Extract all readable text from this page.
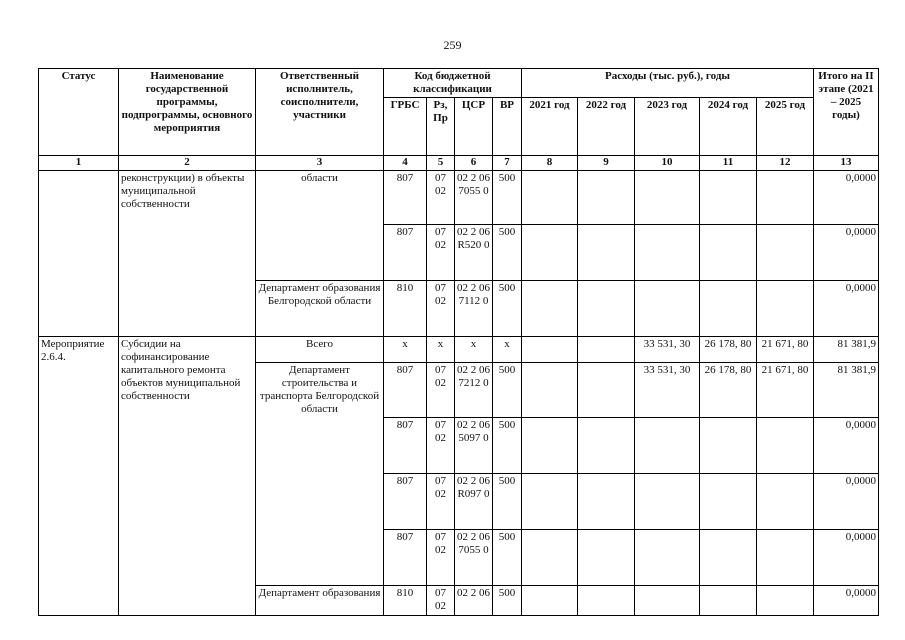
259
Статус	Наименование государственной программы, подпрограммы, основного мероприятия	Ответственный исполнитель, соисполнители, участники	Код бюджетной классификации				Расходы (тыс. руб.), годы					Итого на II этапе (2021 – 2025 годы)
			ГРБС	Рз, Пр	ЦСР	ВР	2021 год	2022 год	2023 год	2024 год	2025 год	
1	2	3	4	5	6	7	8	9	10	11	12	13
	реконструкции) в объекты муниципальной собственности	области	807	07 02	02 2 06 7055 0	500						0,0000
			807	07 02	02 2 06 R520 0	500						0,0000
		Департамент образования Белгородской области	810	07 02	02 2 06 7112 0	500						0,0000
Мероприятие 2.6.4.	Субсидии на софинансирование капитального ремонта объектов муниципальной собственности	Всего	х	х	х	х			33 531, 30	26 178, 80	21 671, 80	81 381,9
		Департамент строительства и транспорта Белгородской области	807	07 02	02 2 06 7212 0	500			33 531, 30	26 178, 80	21 671, 80	81 381,9
			807	07 02	02 2 06 5097 0	500						0,0000
			807	07 02	02 2 06 R097 0	500						0,0000
			807	07 02	02 2 06 7055 0	500						0,0000
		Департамент образования	810	07 02	02 2 06	500						0,0000
